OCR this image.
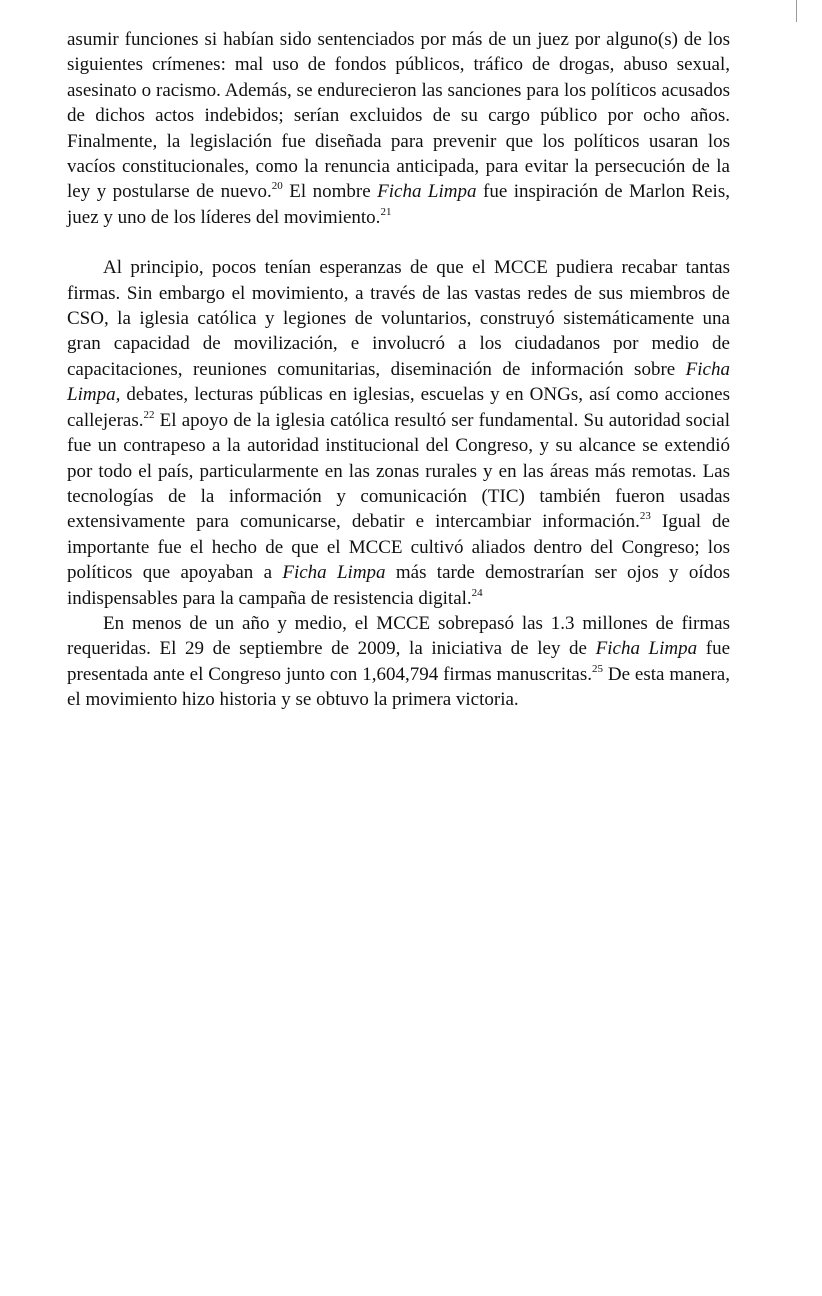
asumir funciones si habían sido sentenciados por más de un juez por alguno(s) de los siguientes crímenes: mal uso de fondos públicos, tráfico de drogas, abuso sexual, asesinato o racismo. Además, se endurecieron las sanciones para los políticos acusados de dichos actos indebidos; serían excluidos de su cargo público por ocho años. Finalmente, la legislación fue diseñada para prevenir que los políticos usaran los vacíos constitucionales, como la renuncia anticipada, para evitar la persecución de la ley y postularse de nuevo.$^{20}$ El nombre Ficha Limpa fue inspiración de Marlon Reis, juez y uno de los líderes del movimiento.$^{21}$

Al principio, pocos tenían esperanzas de que el MCCE pudiera recabar tantas firmas. Sin embargo el movimiento, a través de las vastas redes de sus miembros de CSO, la iglesia católica y legiones de voluntarios, construyó sistemáticamente una gran capacidad de movilización, e involucró a los ciudadanos por medio de capacitaciones, reuniones comunitarias, diseminación de información sobre Ficha Limpa, debates, lecturas públicas en iglesias, escuelas y en ONGs, así como acciones callejeras.$^{22}$ El apoyo de la iglesia católica resultó ser fundamental. Su autoridad social fue un contrapeso a la autoridad institucional del Congreso, y su alcance se extendió por todo el país, particularmente en las zonas rurales y en las áreas más remotas. Las tecnologías de la información y comunicación (TIC) también fueron usadas extensivamente para comunicarse, debatir e intercambiar información.$^{23}$ Igual de importante fue el hecho de que el MCCE cultivó aliados dentro del Congreso; los políticos que apoyaban a Ficha Limpa más tarde demostrarían ser ojos y oídos indispensables para la campaña de resistencia digital.$^{24}$

En menos de un año y medio, el MCCE sobrepasó las 1.3 millones de firmas requeridas. El 29 de septiembre de 2009, la iniciativa de ley de Ficha Limpa fue presentada ante el Congreso junto con 1,604,794 firmas manuscritas.$^{25}$ De esta manera, el movimiento hizo historia y se obtuvo la primera victoria.
